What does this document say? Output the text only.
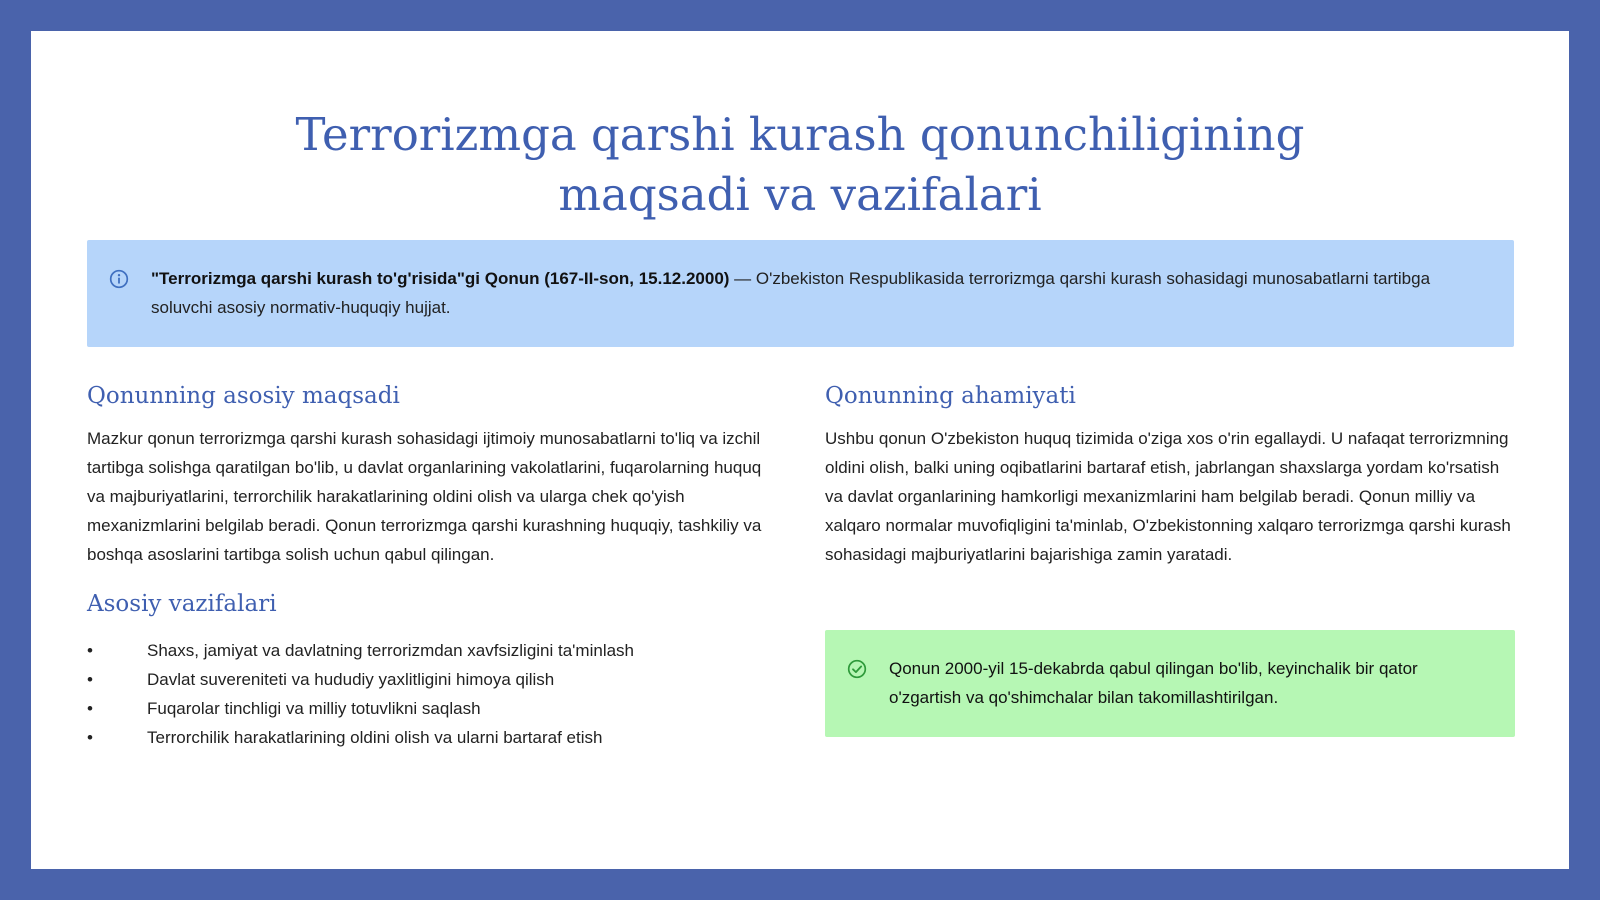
Terrorizmga qarshi kurash qonunchiligining
maqsadi va vazifalari
"Terrorizmga qarshi kurash to'g'risida"gi Qonun (167-II-son, 15.12.2000) — O'zbekiston Respublikasida terrorizmga qarshi kurash sohasidagi munosabatlarni tartibga soluvchi asosiy normativ-huquqiy hujjat.
Qonunning asosiy maqsadi

Mazkur qonun terrorizmga qarshi kurash sohasidagi ijtimoiy munosabatlarni to'liq va izchil tartibga solishga qaratilgan bo'lib, u davlat organlarining vakolatlarini, fuqarolarning huquq va majburiyatlarini, terrorchilik harakatlarining oldini olish va ularga chek qo'yish mexanizmlarini belgilab beradi. Qonun terrorizmga qarshi kurashning huquqiy, tashkiliy va boshqa asoslarini tartibga solish uchun qabul qilingan.

Asosiy vazifalari
•	Shaxs, jamiyat va davlatning terrorizmdan xavfsizligini ta'minlash
•	Davlat suvereniteti va hududiy yaxlitligini himoya qilish
•	Fuqarolar tinchligi va milliy totuvlikni saqlash
•	Terrorchilik harakatlarining oldini olish va ularni bartaraf etish
Qonunning ahamiyati

Ushbu qonun O'zbekiston huquq tizimida o'ziga xos o'rin egallaydi. U nafaqat terrorizmning oldini olish, balki uning oqibatlarini bartaraf etish, jabrlangan shaxslarga yordam ko'rsatish va davlat organlarining hamkorligi mexanizmlarini ham belgilab beradi. Qonun milliy va xalqaro normalar muvofiqligini ta'minlab, O'zbekistonning xalqaro terrorizmga qarshi kurash sohasidagi majburiyatlarini bajarishiga zamin yaratadi.

Qonun 2000-yil 15-dekabrda qabul qilingan bo'lib, keyinchalik bir qator o'zgartish va qo'shimchalar bilan takomillashtirilgan.
